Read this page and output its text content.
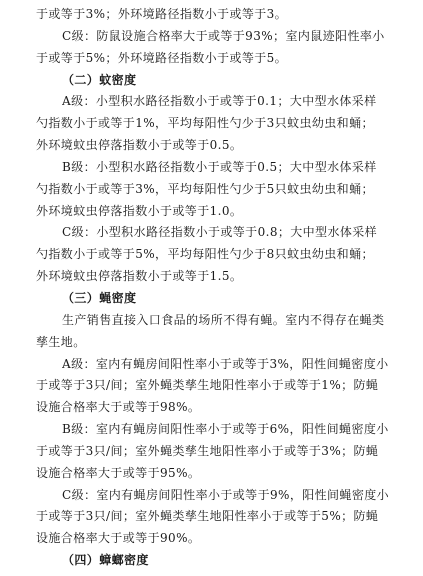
于或等于3%；外环境路径指数小于或等于3。
C级：防鼠设施合格率大于或等于93%；室内鼠迹阳性率小
于或等于5%；外环境路径指数小于或等于5。
（二）蚊密度
A级：小型积水路径指数小于或等于0.1；大中型水体采样
勺指数小于或等于1%，平均每阳性勺少于3只蚊虫幼虫和蛹；
外环境蚊虫停落指数小于或等于0.5。
B级：小型积水路径指数小于或等于0.5；大中型水体采样
勺指数小于或等于3%，平均每阳性勺少于5只蚊虫幼虫和蛹；
外环境蚊虫停落指数小于或等于1.0。
C级：小型积水路径指数小于或等于0.8；大中型水体采样
勺指数小于或等于5%，平均每阳性勺少于8只蚊虫幼虫和蛹；
外环境蚊虫停落指数小于或等于1.5。
（三）蝇密度
生产销售直接入口食品的场所不得有蝇。室内不得存在蝇类
孳生地。
A级：室内有蝇房间阳性率小于或等于3%，阳性间蝇密度小
于或等于3只/间；室外蝇类孳生地阳性率小于或等于1%；防蝇
设施合格率大于或等于98%。
B级：室内有蝇房间阳性率小于或等于6%，阳性间蝇密度小
于或等于3只/间；室外蝇类孳生地阳性率小于或等于3%；防蝇
设施合格率大于或等于95%。
C级：室内有蝇房间阳性率小于或等于9%，阳性间蝇密度小
于或等于3只/间；室外蝇类孳生地阳性率小于或等于5%；防蝇
设施合格率大于或等于90%。
（四）蟑螂密度
